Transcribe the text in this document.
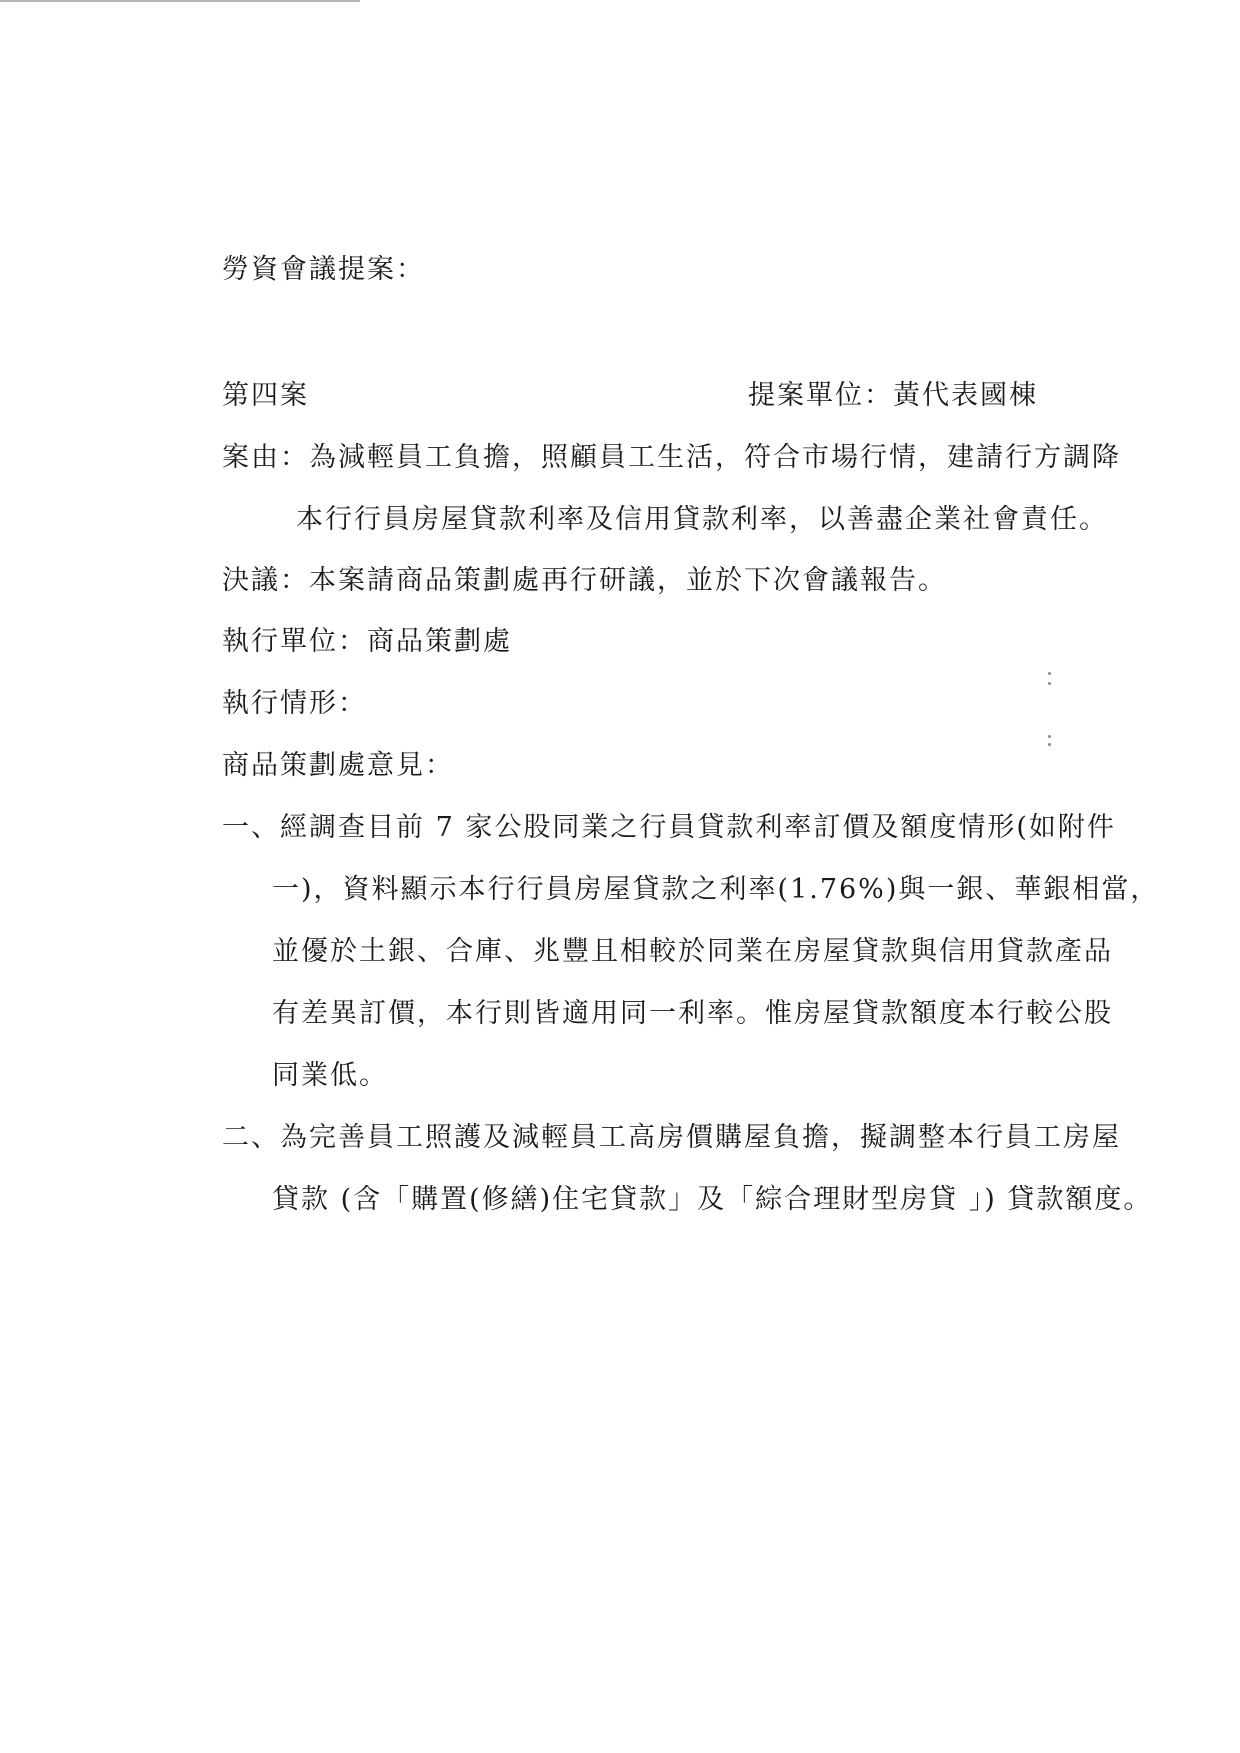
勞資會議提案：
第四案	提案單位：黃代表國棟
案由：為減輕員工負擔，照顧員工生活，符合市場行情，建請行方調降
本行行員房屋貸款利率及信用貸款利率，以善盡企業社會責任。
決議：本案請商品策劃處再行研議，並於下次會議報告。
執行單位：商品策劃處
執行情形：
商品策劃處意見：
一、經調查目前 7 家公股同業之行員貸款利率訂價及額度情形(如附件
一)，資料顯示本行行員房屋貸款之利率(1.76%)與一銀、華銀相當，
並優於土銀、合庫、兆豐且相較於同業在房屋貸款與信用貸款產品
有差異訂價，本行則皆適用同一利率。惟房屋貸款額度本行較公股
同業低。
二、為完善員工照護及減輕員工高房價購屋負擔，擬調整本行員工房屋
貸款 (含「購置(修繕)住宅貸款」及「綜合理財型房貸 」) 貸款額度。
